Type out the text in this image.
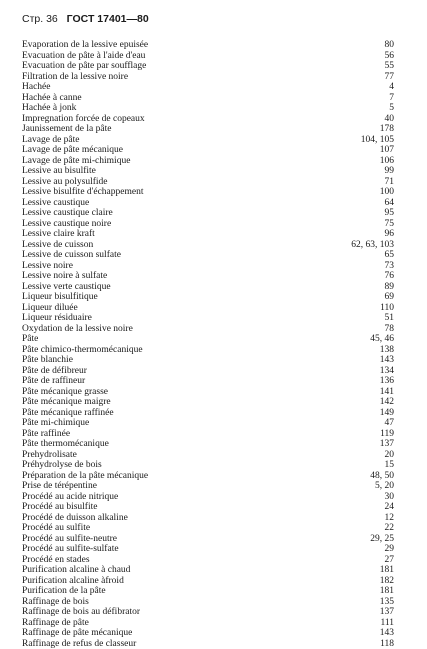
Стр. 36 ГОСТ 17401—80
Evaporation de la lessive epuisée	80
Evacuation de pâte à l'aide d'eau	56
Evacuation de pâte par soufflage	55
Filtration de la lessive noire	77
Hachée	4
Hachée à canne	7
Hachée à jonk	5
Impregnation forcée de copeaux	40
Jaunissement de la pâte	178
Lavage de pâte	104, 105
Lavage de pâte mécanique	107
Lavage de pâte mi-chimique	106
Lessive au bisulfite	99
Lessive au polysulfide	71
Lessive bisulfite d'échappement	100
Lessive caustique	64
Lessive caustique claire	95
Lessive caustique noire	75
Lessive claire kraft	96
Lessive de cuisson	62, 63, 103
Lessive de cuisson sulfate	65
Lessive noire	73
Lessive noire à sulfate	76
Lessive verte caustique	89
Liqueur bisulfitique	69
Liqueur diluée	110
Liqueur résiduaire	51
Oxydation de la lessive noire	78
Pâte	45, 46
Pâte chimico-thermomécanique	138
Pâte blanchie	143
Pâte de défibreur	134
Pâte de raffineur	136
Pâte mécanique grasse	141
Pâte mécanique maigre	142
Pâte mécanique raffinée	149
Pâte mi-chimique	47
Pâte raffinée	119
Pâte thermomécanique	137
Prehydrolisate	20
Préhydrolyse de bois	15
Préparation de la pâte mécanique	48, 50
Prise de térépentine	5, 20
Procédé au acide nitrique	30
Procédé au bisulfite	24
Procédé de duisson alkaline	12
Procédé au sulfite	22
Procédé au sulfite-neutre	29, 25
Procédé au sulfite-sulfate	29
Procédé en stades	27
Purification alcaline à chaud	181
Purification alcaline àfroid	182
Purification de la pâte	181
Raffinage de bois	135
Raffinage de bois au défibrator	137
Raffinage de pâte	111
Raffinage de pâte mécanique	143
Raffinage de refus de classeur	118
